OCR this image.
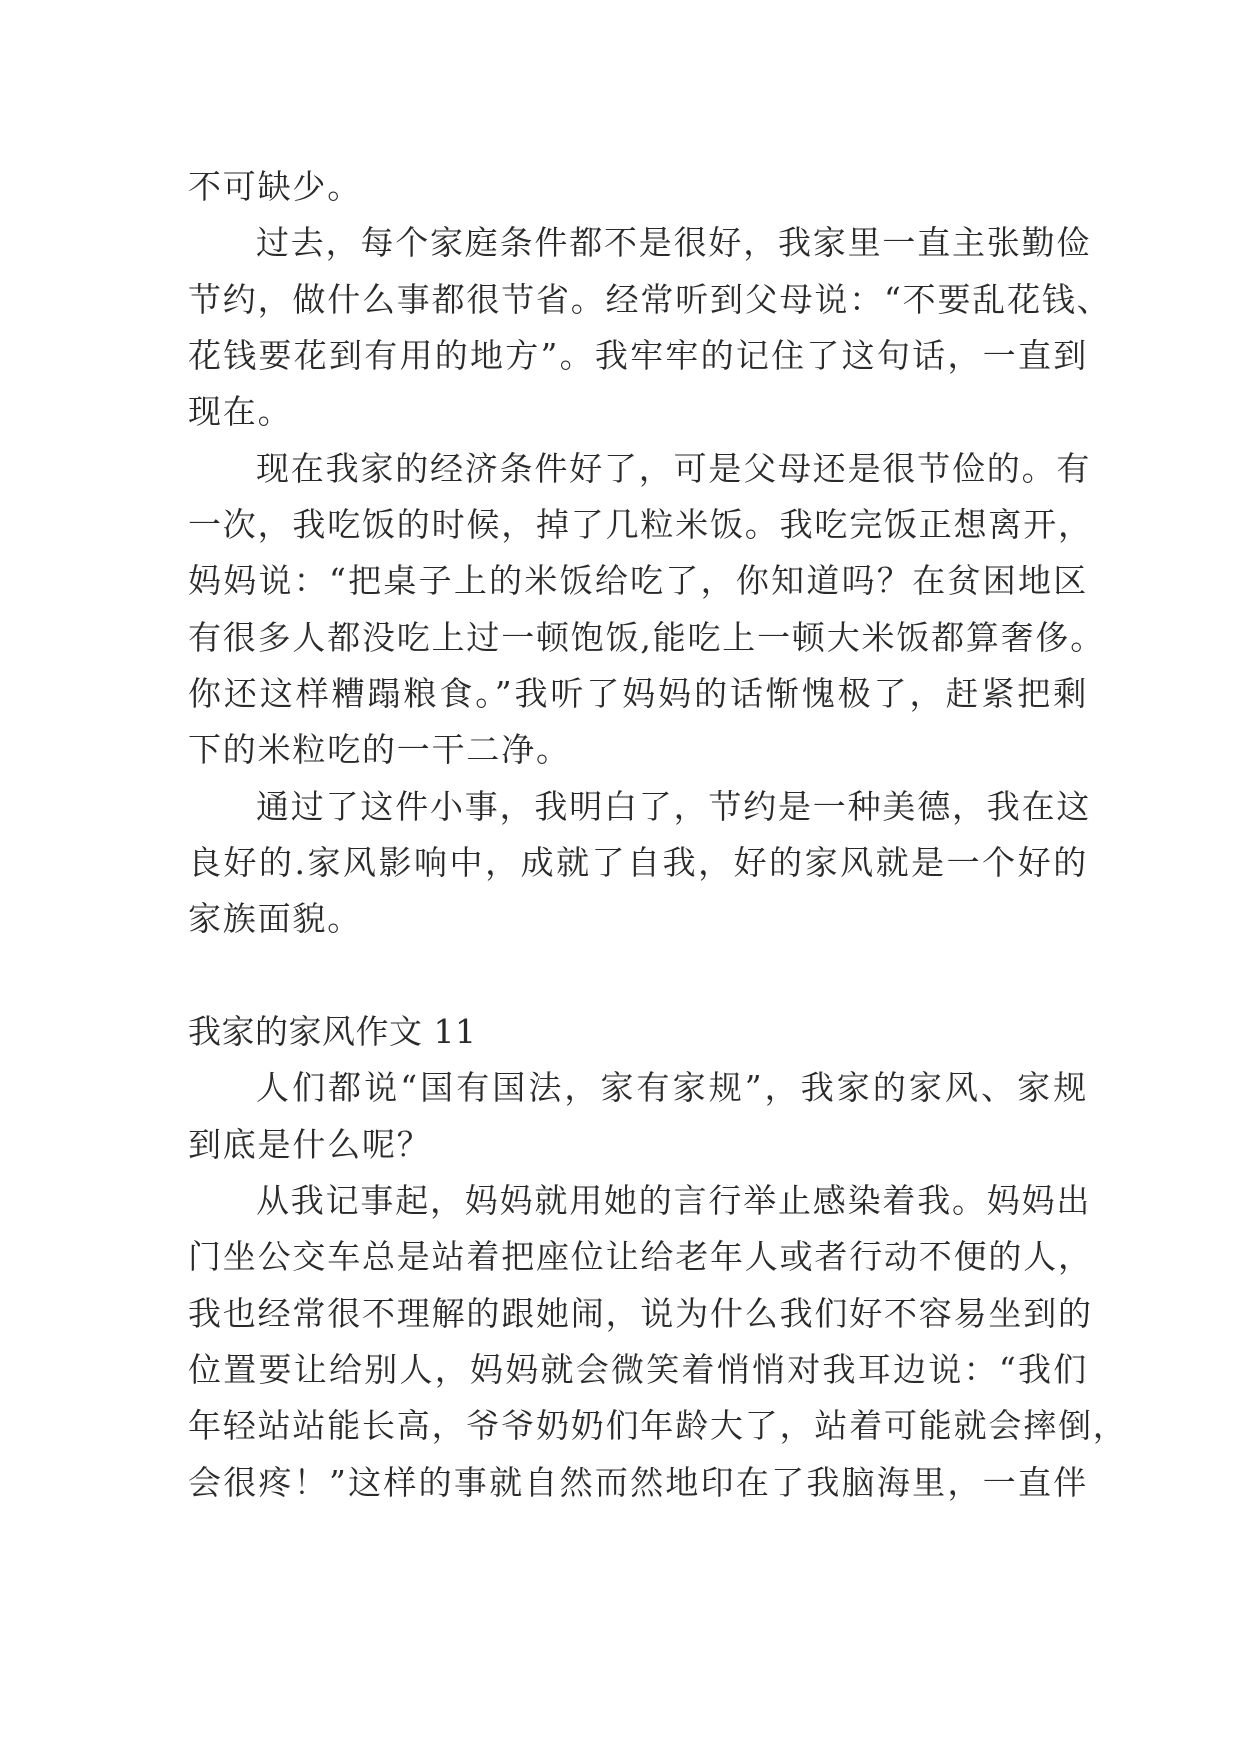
不可缺少。
过去，每个家庭条件都不是很好，我家里一直主张勤俭
节约，做什么事都很节省。经常听到父母说：“不要乱花钱、
花钱要花到有用的地方”。我牢牢的记住了这句话，一直到
现在。
现在我家的经济条件好了，可是父母还是很节俭的。有
一次，我吃饭的时候，掉了几粒米饭。我吃完饭正想离开，
妈妈说：“把桌子上的米饭给吃了，你知道吗？在贫困地区
有很多人都没吃上过一顿饱饭,能吃上一顿大米饭都算奢侈。
你还这样糟蹋粮食。”我听了妈妈的话惭愧极了，赶紧把剩
下的米粒吃的一干二净。
通过了这件小事，我明白了，节约是一种美德，我在这
良好的.家风影响中，成就了自我，好的家风就是一个好的
家族面貌。
我家的家风作文 11
人们都说“国有国法，家有家规”，我家的家风、家规
到底是什么呢？
从我记事起，妈妈就用她的言行举止感染着我。妈妈出
门坐公交车总是站着把座位让给老年人或者行动不便的人，
我也经常很不理解的跟她闹，说为什么我们好不容易坐到的
位置要让给别人，妈妈就会微笑着悄悄对我耳边说：“我们
年轻站站能长高，爷爷奶奶们年龄大了，站着可能就会摔倒，
会很疼！”这样的事就自然而然地印在了我脑海里，一直伴
